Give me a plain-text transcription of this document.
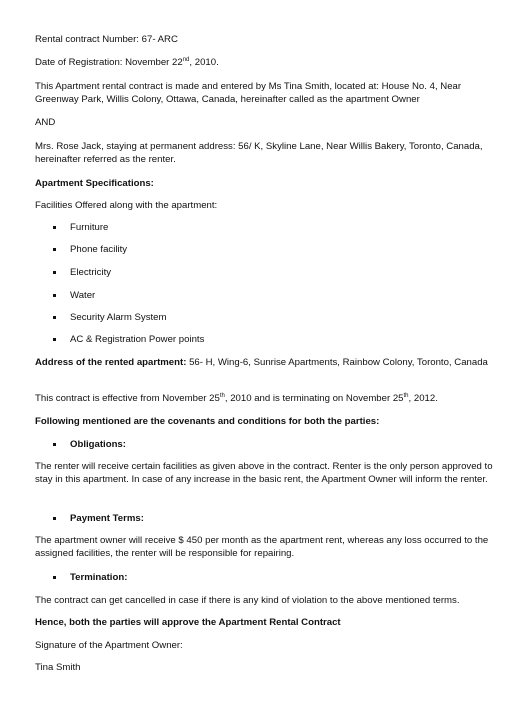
Rental contract Number: 67- ARC

Date of Registration: November 22nd, 2010.

This Apartment rental contract is made and entered by Ms Tina Smith, located at: House No. 4, Near Greenway Park, Willis Colony, Ottawa, Canada, hereinafter called as the apartment Owner

AND

Mrs. Rose Jack, staying at permanent address: 56/ K, Skyline Lane, Near Willis Bakery, Toronto, Canada, hereinafter referred as the renter.

Apartment Specifications:

Facilities Offered along with the apartment:

Furniture
Phone facility
Electricity
Water
Security Alarm System
AC & Registration Power points

Address of the rented apartment: 56- H, Wing-6, Sunrise Apartments, Rainbow Colony, Toronto, Canada

This contract is effective from November 25th, 2010 and is terminating on November 25th, 2012.

Following mentioned are the covenants and conditions for both the parties:

Obligations:

The renter will receive certain facilities as given above in the contract. Renter is the only person approved to stay in this apartment. In case of any increase in the basic rent, the Apartment Owner will inform the renter.

Payment Terms:

The apartment owner will receive $ 450 per month as the apartment rent, whereas any loss occurred to the assigned facilities, the renter will be responsible for repairing.

Termination:

The contract can get cancelled in case if there is any kind of violation to the above mentioned terms.

Hence, both the parties will approve the Apartment Rental Contract

Signature of the Apartment Owner:

Tina Smith
